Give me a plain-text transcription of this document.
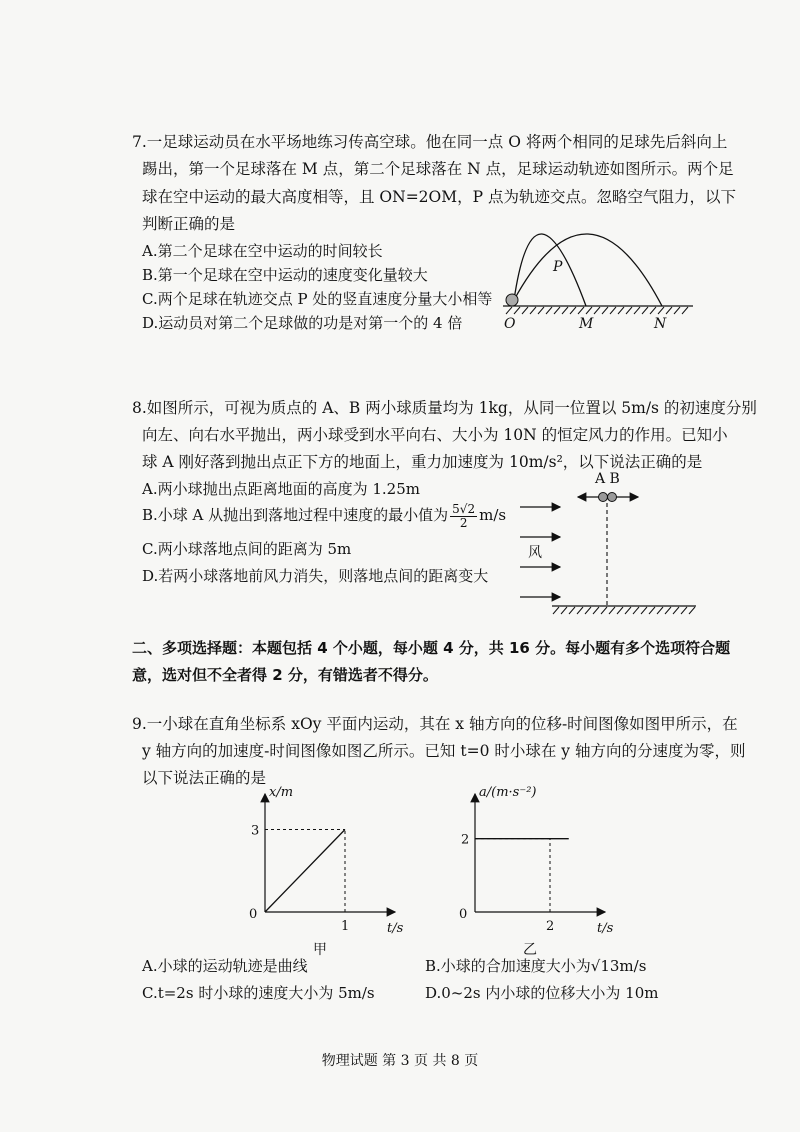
7.一足球运动员在水平场地练习传高空球。他在同一点 O 将两个相同的足球先后斜向上
踢出，第一个足球落在 M 点，第二个足球落在 N 点，足球运动轨迹如图所示。两个足
球在空中运动的最大高度相等，且 ON=2OM，P 点为轨迹交点。忽略空气阻力，以下
判断正确的是
A.第二个足球在空中运动的时间较长
B.第一个足球在空中运动的速度变化量较大
C.两个足球在轨迹交点 P 处的竖直速度分量大小相等
D.运动员对第二个足球做的功是对第一个的 4 倍
P
O	M	N
8.如图所示，可视为质点的 A、B 两小球质量均为 1kg，从同一位置以 5m/s 的初速度分别
向左、向右水平抛出，两小球受到水平向右、大小为 10N 的恒定风力的作用。已知小
球 A 刚好落到抛出点正下方的地面上，重力加速度为 10m/s²，以下说法正确的是
A.两小球抛出点距离地面的高度为 1.25m
B.小球 A 从抛出到落地过程中速度的最小值为 $\frac{5√2}{2} m/s$
C.两小球落地点间的距离为 5m
D.若两小球落地前风力消失，则落地点间的距离变大
A B
风
二、多项选择题：本题包括 4 个小题，每小题 4 分，共 16 分。每小题有多个选项符合题
意，选对但不全者得 2 分，有错选者不得分。
9.一小球在直角坐标系 xOy 平面内运动，其在 x 轴方向的位移-时间图像如图甲所示，在
y 轴方向的加速度-时间图像如图乙所示。已知 t=0 时小球在 y 轴方向的分速度为零，则
以下说法正确的是
0
1
3
t/s
x/m
甲
0
2
2
t/s
a/(m·s⁻²)
乙
A.小球的运动轨迹是曲线	B.小球的合加速度大小为√13m/s
C.t=2s 时小球的速度大小为 5m/s	D.0~2s 内小球的位移大小为 10m
物理试题 第 3 页 共 8 页
